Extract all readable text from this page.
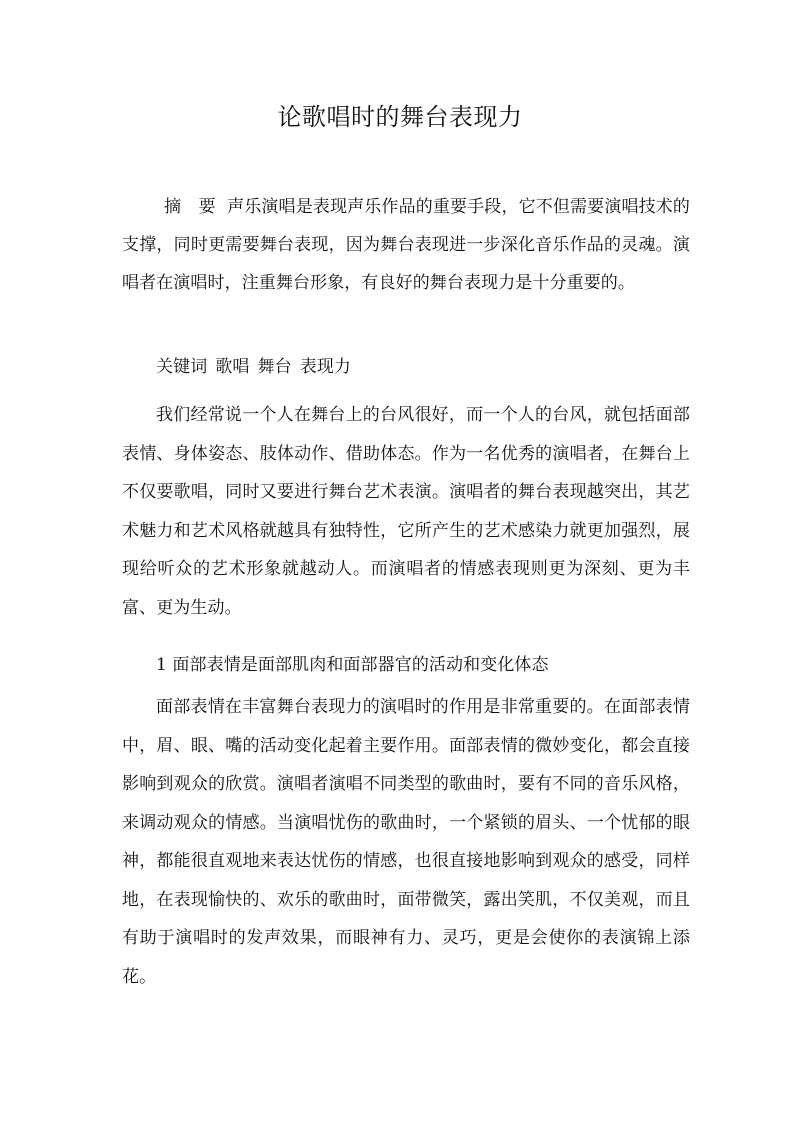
论歌唱时的舞台表现力
摘 要 声乐演唱是表现声乐作品的重要手段，它不但需要演唱技术的支撑，同时更需要舞台表现，因为舞台表现进一步深化音乐作品的灵魂。演唱者在演唱时，注重舞台形象，有良好的舞台表现力是十分重要的。
关键词 歌唱 舞台 表现力
我们经常说一个人在舞台上的台风很好，而一个人的台风，就包括面部表情、身体姿态、肢体动作、借助体态。作为一名优秀的演唱者，在舞台上不仅要歌唱，同时又要进行舞台艺术表演。演唱者的舞台表现越突出，其艺术魅力和艺术风格就越具有独特性，它所产生的艺术感染力就更加强烈，展现给听众的艺术形象就越动人。而演唱者的情感表现则更为深刻、更为丰富、更为生动。
1 面部表情是面部肌肉和面部器官的活动和变化体态
面部表情在丰富舞台表现力的演唱时的作用是非常重要的。在面部表情中，眉、眼、嘴的活动变化起着主要作用。面部表情的微妙变化，都会直接影响到观众的欣赏。演唱者演唱不同类型的歌曲时，要有不同的音乐风格，来调动观众的情感。当演唱忧伤的歌曲时，一个紧锁的眉头、一个忧郁的眼神，都能很直观地来表达忧伤的情感，也很直接地影响到观众的感受，同样地，在表现愉快的、欢乐的歌曲时，面带微笑，露出笑肌，不仅美观，而且有助于演唱时的发声效果，而眼神有力、灵巧，更是会使你的表演锦上添花。
